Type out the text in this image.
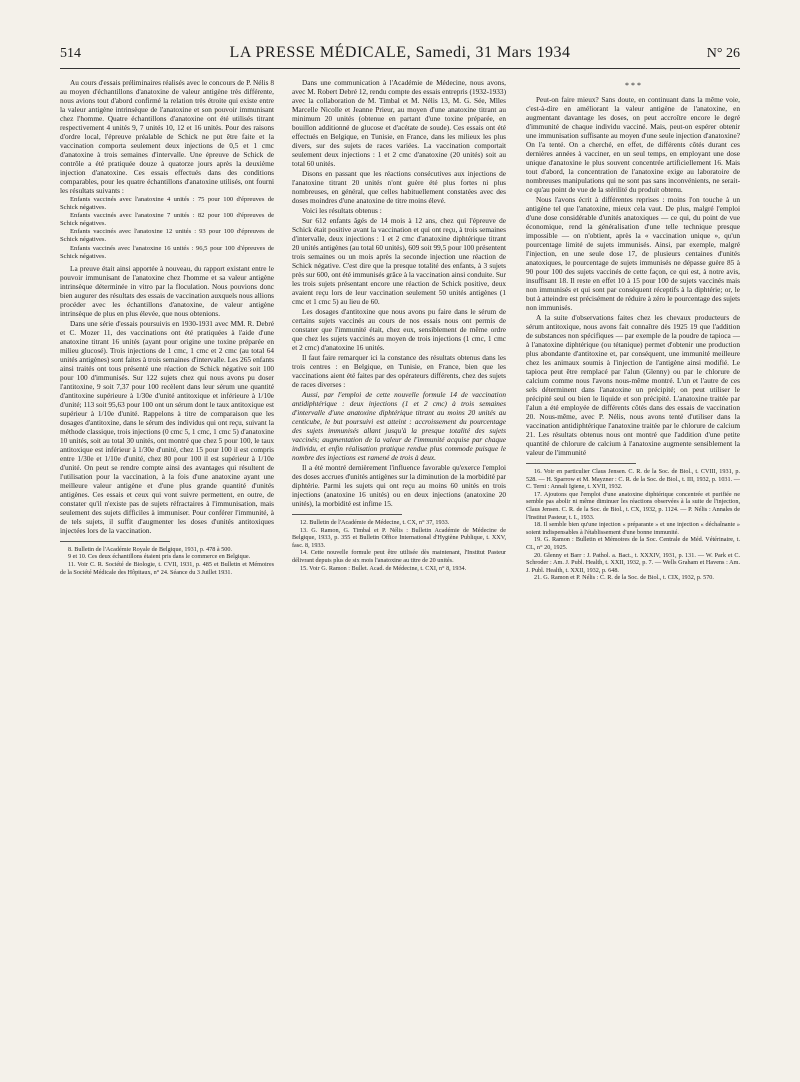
514	LA PRESSE MÉDICALE, Samedi, 31 Mars 1934	N° 26

Au cours d'essais préliminaires réalisés avec le concours de P. Nélis 8 au moyen d'échantillons d'anatoxine de valeur antigène très différente, nous avions tout d'abord confirmé la relation très étroite qui existe entre la valeur antigène intrinsèque de l'anatoxine et son pouvoir immunisant chez l'homme. Quatre échantillons d'anatoxine ont été utilisés titrant respectivement 4 unités 9, 7 unités 10, 12 et 16 unités. Pour des raisons d'ordre local, l'épreuve préalable de Schick ne put être faite et la vaccination comporta seulement deux injections de 0,5 et 1 cmc d'anatoxine à trois semaines d'intervalle. Une épreuve de Schick de contrôle a été pratiquée douze à quatorze jours après la deuxième injection d'anatoxine. Ces essais effectués dans des conditions comparables, pour les quatre échantillons d'anatoxine utilisés, ont fourni les résultats suivants :

Enfants vaccinés avec l'anatoxine 4 unités : 75 pour 100 d'épreuves de Schick négatives.

Enfants vaccinés avec l'anatoxine 7 unités : 82 pour 100 d'épreuves de Schick négatives.

Enfants vaccinés avec l'anatoxine 12 unités : 93 pour 100 d'épreuves de Schick négatives.

Enfants vaccinés avec l'anatoxine 16 unités : 96,5 pour 100 d'épreuves de Schick négatives.

La preuve était ainsi apportée à nouveau, du rapport existant entre le pouvoir immunisant de l'anatoxine chez l'homme et sa valeur antigène intrinsèque déterminée in vitro par la floculation. Nous pouvions donc bien augurer des résultats des essais de vaccination auxquels nous allions procéder avec les échantillons d'anatoxine, de valeur antigène intrinsèque de plus en plus élevée, que nous obtenions.

Dans une série d'essais poursuivis en 1930-1931 avec MM. R. Debré et C. Mozer 11, des vaccinations ont été pratiquées à l'aide d'une anatoxine titrant 16 unités (ayant pour origine une toxine préparée en milieu glucosé). Trois injections de 1 cmc, 1 cmc et 2 cmc (au total 64 unités antigènes) sont faites à trois semaines d'intervalle. Les 265 enfants ainsi traités ont tous présenté une réaction de Schick négative soit 100 pour 100 d'immunisés. Sur 122 sujets chez qui nous avons pu doser l'antitoxine, 9 soit 7,37 pour 100 recèlent dans leur sérum une quantité d'antitoxine supérieure à 1/30e d'unité antitoxique et inférieure à 1/10e d'unité; 113 soit 95,63 pour 100 ont un sérum dont le taux antitoxique est supérieur à 1/10e d'unité. Rappelons à titre de comparaison que les dosages d'antitoxine, dans le sérum des individus qui ont reçu, suivant la méthode classique, trois injections (0 cmc 5, 1 cmc, 1 cmc 5) d'anatoxine 10 unités, soit au total 30 unités, ont montré que chez 5 pour 100, le taux antitoxique est inférieur à 1/30e d'unité, chez 15 pour 100 il est compris entre 1/30e et 1/10e d'unité, chez 80 pour 100 il est supérieur à 1/10e d'unité. On peut se rendre compte ainsi des avantages qui résultent de l'utilisation pour la vaccination, à la fois d'une anatoxine ayant une meilleure valeur antigène et d'une plus grande quantité d'unités antigènes. Ces essais et ceux qui vont suivre permettent, en outre, de constater qu'il n'existe pas de sujets réfractaires à l'immunisation, mais seulement des sujets difficiles à immuniser. Pour conférer l'immunité, à de tels sujets, il suffit d'augmenter les doses d'unités antitoxiques injectées lors de la vaccination.

8. Bulletin de l'Académie Royale de Belgique, 1931, p. 478 à 500.

9 et 10. Ces deux échantillons étaient pris dans le commerce en Belgique.

11. Voir C. R. Société de Biologie, t. CVII, 1931, p. 485 et Bulletin et Mémoires de la Société Médicale des Hôpitaux, n° 24. Séance du 3 Juillet 1931.

Dans une communication à l'Académie de Médecine, nous avons, avec M. Robert Debré 12, rendu compte des essais entrepris (1932-1933) avec la collaboration de M. Timbal et M. Nélis 13, M. G. Sée, Mlles Marcelle Nicolle et Jeanne Prieur, au moyen d'une anatoxine titrant au minimum 20 unités (obtenue en partant d'une toxine préparée, en bouillon additionné de glucose et d'acétate de soude). Ces essais ont été effectués en Belgique, en Tunisie, en France, dans les milieux les plus divers, sur des sujets de races variées. La vaccination comportait seulement deux injections : 1 et 2 cmc d'anatoxine (20 unités) soit au total 60 unités.

Disons en passant que les réactions consécutives aux injections de l'anatoxine titrant 20 unités n'ont guère été plus fortes ni plus nombreuses, en général, que celles habituellement constatées avec des doses moindres d'une anatoxine de titre moins élevé.

Voici les résultats obtenus :

Sur 612 enfants âgés de 14 mois à 12 ans, chez qui l'épreuve de Schick était positive avant la vaccination et qui ont reçu, à trois semaines d'intervalle, deux injections : 1 et 2 cmc d'anatoxine diphtérique titrant 20 unités antigènes (au total 60 unités), 609 soit 99,5 pour 100 présentent trois semaines ou un mois après la seconde injection une réaction de Schick négative. C'est dire que la presque totalité des enfants, à 3 sujets près sur 600, ont été immunisés grâce à la vaccination ainsi conduite. Sur les trois sujets présentant encore une réaction de Schick positive, deux avaient reçu lors de leur vaccination seulement 50 unités antigènes (1 cmc et 1 cmc 5) au lieu de 60.

Les dosages d'antitoxine que nous avons pu faire dans le sérum de certains sujets vaccinés au cours de nos essais nous ont permis de constater que l'immunité était, chez eux, sensiblement de même ordre que chez les sujets vaccinés au moyen de trois injections (1 cmc, 1 cmc et 2 cmc) d'anatoxine 16 unités.

Il faut faire remarquer ici la constance des résultats obtenus dans les trois centres : en Belgique, en Tunisie, en France, bien que les vaccinations aient été faites par des opérateurs différents, chez des sujets de races diverses :

Aussi, par l'emploi de cette nouvelle formule 14 de vaccination antidiphtérique : deux injections (1 et 2 cmc) à trois semaines d'intervalle d'une anatoxine diphtérique titrant au moins 20 unités au centicube, le but poursuivi est atteint : accroissement du pourcentage des sujets immunisés allant jusqu'à la presque totalité des sujets vaccinés; augmentation de la valeur de l'immunité acquise par chaque individu, et enfin réalisation pratique rendue plus commode puisque le nombre des injections est ramené de trois à deux.

Il a été montré dernièrement l'influence favorable qu'exerce l'emploi des doses accrues d'unités antigènes sur la diminution de la morbidité par diphtérie. Parmi les sujets qui ont reçu au moins 60 unités en trois injections (anatoxine 16 unités) ou en deux injections (anatoxine 20 unités), la morbidité est infime 15.

12. Bulletin de l'Académie de Médecine, t. CX, n° 37, 1933.

13. G. Ramon, G. Timbal et P. Nélis : Bulletin Académie de Médecine de Belgique, 1933, p. 355 et Bulletin Office International d'Hygiène Publique, t. XXV, fasc. 8, 1933.

14. Cette nouvelle formule peut être utilisée dès maintenant, l'Institut Pasteur délivrant depuis plus de six mois l'anatoxine au titre de 20 unités.

15. Voir G. Ramon : Bullet. Acad. de Médecine, t. CXI, n° 8, 1934.

* * *

Peut-on faire mieux? Sans doute, en continuant dans la même voie, c'est-à-dire en améliorant la valeur antigène de l'anatoxine, en augmentant davantage les doses, on peut accroître encore le degré d'immunité de chaque individu vacciné. Mais, peut-on espérer obtenir une immunisation suffisante au moyen d'une seule injection d'anatoxine? On l'a tenté. On a cherché, en effet, de différents côtés durant ces dernières années à vacciner, en un seul temps, en employant une dose unique d'anatoxine le plus souvent concentrée artificiellement 16. Mais tout d'abord, la concentration de l'anatoxine exige au laboratoire de nombreuses manipulations qui ne sont pas sans inconvénients, ne serait-ce qu'au point de vue de la stérilité du produit obtenu.

Nous l'avons écrit à différentes reprises : moins l'on touche à un antigène tel que l'anatoxine, mieux cela vaut. De plus, malgré l'emploi d'une dose considérable d'unités anatoxiques — ce qui, du point de vue économique, rend la généralisation d'une telle technique presque impossible — on n'obtient, après la « vaccination unique », qu'un pourcentage limité de sujets immunisés. Ainsi, par exemple, malgré l'injection, en une seule dose 17, de plusieurs centaines d'unités anatoxiques, le pourcentage de sujets immunisés ne dépasse guère 85 à 90 pour 100 des sujets vaccinés de cette façon, ce qui est, à notre avis, insuffisant 18. Il reste en effet 10 à 15 pour 100 de sujets vaccinés mais non immunisés et qui sont par conséquent réceptifs à la diphtérie; or, le but à atteindre est précisément de réduire à zéro le pourcentage des sujets non immunisés.

A la suite d'observations faites chez les chevaux producteurs de sérum antitoxique, nous avons fait connaître dès 1925 19 que l'addition de substances non spécifiques — par exemple de la poudre de tapioca — à l'anatoxine diphtérique (ou tétanique) permet d'obtenir une production plus abondante d'antitoxine et, par conséquent, une immunité meilleure chez les animaux soumis à l'injection de l'antigène ainsi modifié. Le tapioca peut être remplacé par l'alun (Glenny) ou par le chlorure de calcium comme nous l'avons nous-même montré. L'un et l'autre de ces sels déterminent dans l'anatoxine un précipité; on peut utiliser le précipité seul ou bien le liquide et son précipité. L'anatoxine traitée par l'alun a été employée de différents côtés dans des essais de vaccination 20. Nous-même, avec P. Nélis, nous avons tenté d'utiliser dans la vaccination antidiphtérique l'anatoxine traitée par le chlorure de calcium 21. Les résultats obtenus nous ont montré que l'addition d'une petite quantité de chlorure de calcium à l'anatoxine augmente sensiblement la valeur de l'immunité

16. Voir en particulier Claus Jensen. C. R. de la Soc. de Biol., t. CVIII, 1931, p. 528. — H. Sparrow et M. Mayzner : C. R. de la Soc. de Biol., t. III, 1932, p. 1031. — C. Terni : Annali Igiene, t. XVII, 1932.

17. Ajoutons que l'emploi d'une anatoxine diphtérique concentrée et purifiée ne semble pas abolir ni même diminuer les réactions observées à la suite de l'injection, Claus Jensen. C. R. de la Soc. de Biol., t. CX, 1932, p. 1124. — P. Nélis : Annales de l'Institut Pasteur, t. I., 1933.

18. Il semble bien qu'une injection « préparante » et une injection « déchaînante » soient indispensables à l'établissement d'une bonne immunité.

19. G. Ramon : Bulletin et Mémoires de la Soc. Centrale de Méd. Vétérinaire, t. CL, n° 20, 1925.

20. Glenny et Barr : J. Pathol. a. Bact., t. XXXIV, 1931, p. 131. — W. Park et C. Schroder : Am. J. Publ. Health, t. XXII, 1932, p. 7. — Wells Graham et Havens : Am. J. Publ. Health, t. XXII, 1932, p. 648.

21. G. Ramon et P. Nélis : C. R. de la Soc. de Biol., t. CIX, 1932, p. 570.
